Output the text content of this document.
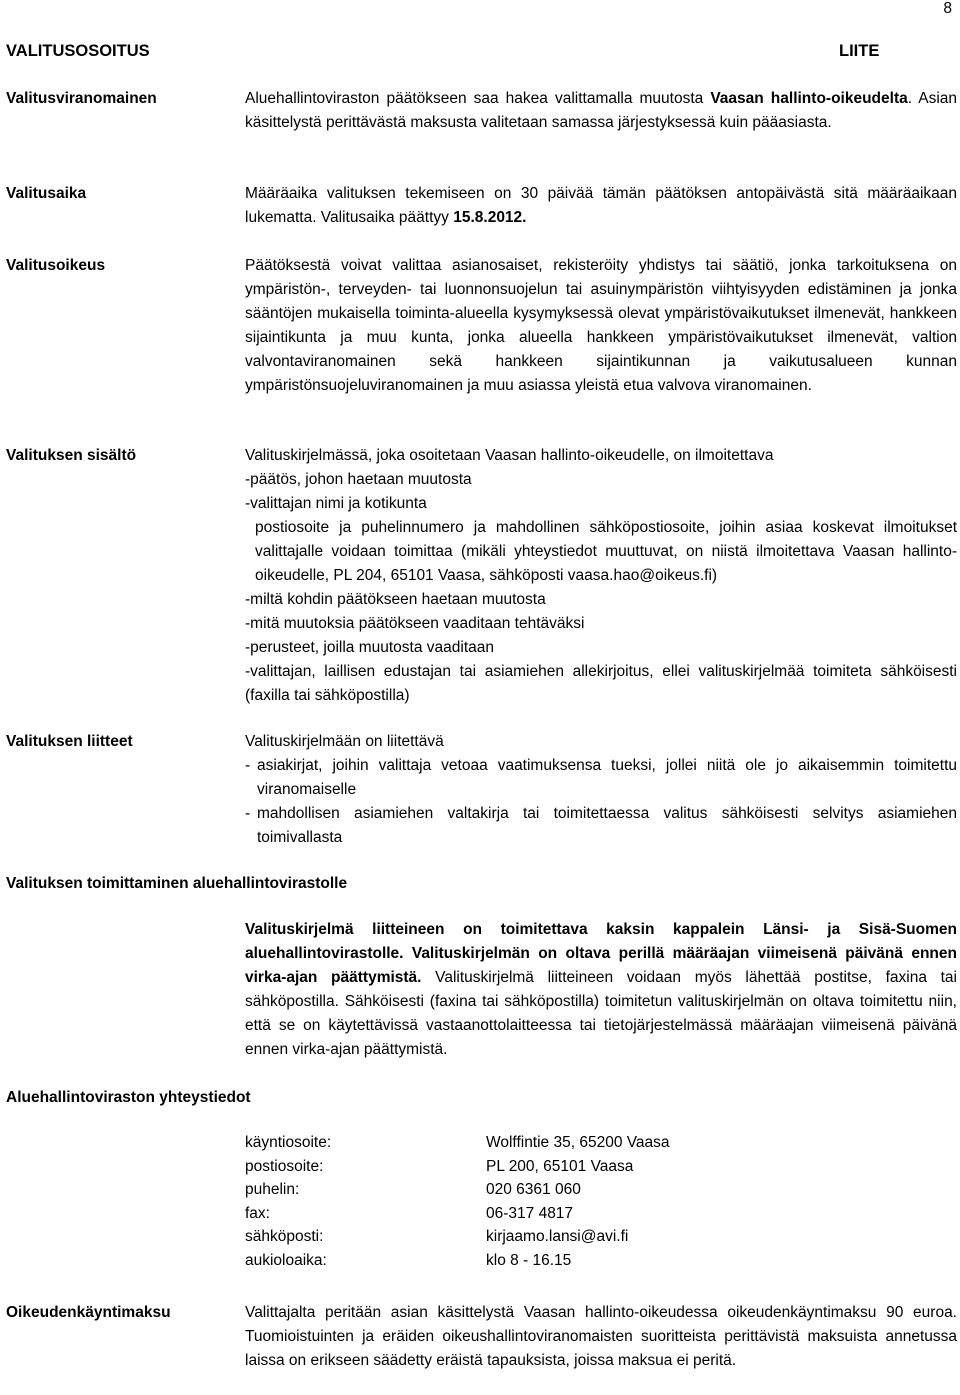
8
VALITUSOSOITUS	LIITE
Valitusviranomainen	Aluehallintoviraston päätökseen saa hakea valittamalla muutosta Vaasan hallinto-oikeudelta. Asian käsittelystä perittävästä maksusta valitetaan samassa järjestyksessä kuin pääasiasta.

Valitusaika	Määräaika valituksen tekemiseen on 30 päivää tämän päätöksen antopäivästä sitä määräaikaan lukematta. Valitusaika päättyy 15.8.2012.

Valitusoikeus	Päätöksestä voivat valittaa asianosaiset, rekisteröity yhdistys tai säätiö, jonka tarkoituksena on ympäristön-, terveyden- tai luonnonsuojelun tai asuinympäristön viihtyisyyden edistäminen ja jonka sääntöjen mukaisella toiminta-alueella kysymyksessä olevat ympäristövaikutukset ilmenevät, hankkeen sijaintikunta ja muu kunta, jonka alueella hankkeen ympäristövaikutukset ilmenevät, valtion valvontaviranomainen sekä hankkeen sijaintikunnan ja vaikutusalueen kunnan ympäristönsuojeluviranomainen ja muu asiassa yleistä etua valvova viranomainen.

Valituksen sisältö	Valituskirjelmässä, joka osoitetaan Vaasan hallinto-oikeudelle, on ilmoitettava
-päätös, johon haetaan muutosta
-valittajan nimi ja kotikunta

postiosoite ja puhelinnumero ja mahdollinen sähköpostiosoite, joihin asiaa koskevat ilmoitukset valittajalle voidaan toimittaa (mikäli yhteystiedot muuttuvat, on niistä ilmoitettava Vaasan hallinto-oikeudelle, PL 204, 65101 Vaasa, sähköposti vaasa.hao@oikeus.fi)

-miltä kohdin päätökseen haetaan muutosta
-mitä muutoksia päätökseen vaaditaan tehtäväksi
-perusteet, joilla muutosta vaaditaan

-valittajan, laillisen edustajan tai asiamiehen allekirjoitus, ellei valituskirjelmää toimiteta sähköisesti (faxilla tai sähköpostilla)

Valituksen liitteet	Valituskirjelmään on liitettävä
- asiakirjat, joihin valittaja vetoaa vaatimuksensa tueksi, jollei niitä ole jo aikaisemmin toimitettu viranomaiselle
- mahdollisen asiamiehen valtakirja tai toimitettaessa valitus sähköisesti selvitys asiamiehen toimivallasta
Valituksen toimittaminen aluehallintovirastolle

Valituskirjelmä liitteineen on toimitettava kaksin kappalein Länsi- ja Sisä-Suomen aluehallintovirastolle. Valituskirjelmän on oltava perillä määräajan viimeisenä päivänä ennen virka-ajan päättymistä. Valituskirjelmä liitteineen voidaan myös lähettää postitse, faxina tai sähköpostilla. Sähköisesti (faxina tai sähköpostilla) toimitetun valituskirjelmän on oltava toimitettu niin, että se on käytettävissä vastaanottolaitteessa tai tietojärjestelmässä määräajan viimeisenä päivänä ennen virka-ajan päättymistä.

Aluehallintoviraston yhteystiedot
käyntiosoite:	Wolffintie 35, 65200 Vaasa
postiosoite:	PL 200, 65101 Vaasa
puhelin:	020 6361 060
fax:	06-317 4817
sähköposti:	kirjaamo.lansi@avi.fi
aukioloaika:	klo 8 - 16.15
Oikeudenkäyntimaksu	Valittajalta peritään asian käsittelystä Vaasan hallinto-oikeudessa oikeudenkäyntimaksu 90 euroa. Tuomioistuinten ja eräiden oikeushallintoviranomaisten suoritteista perittävistä maksuista annetussa laissa on erikseen säädetty eräistä tapauksista, joissa maksua ei peritä.
